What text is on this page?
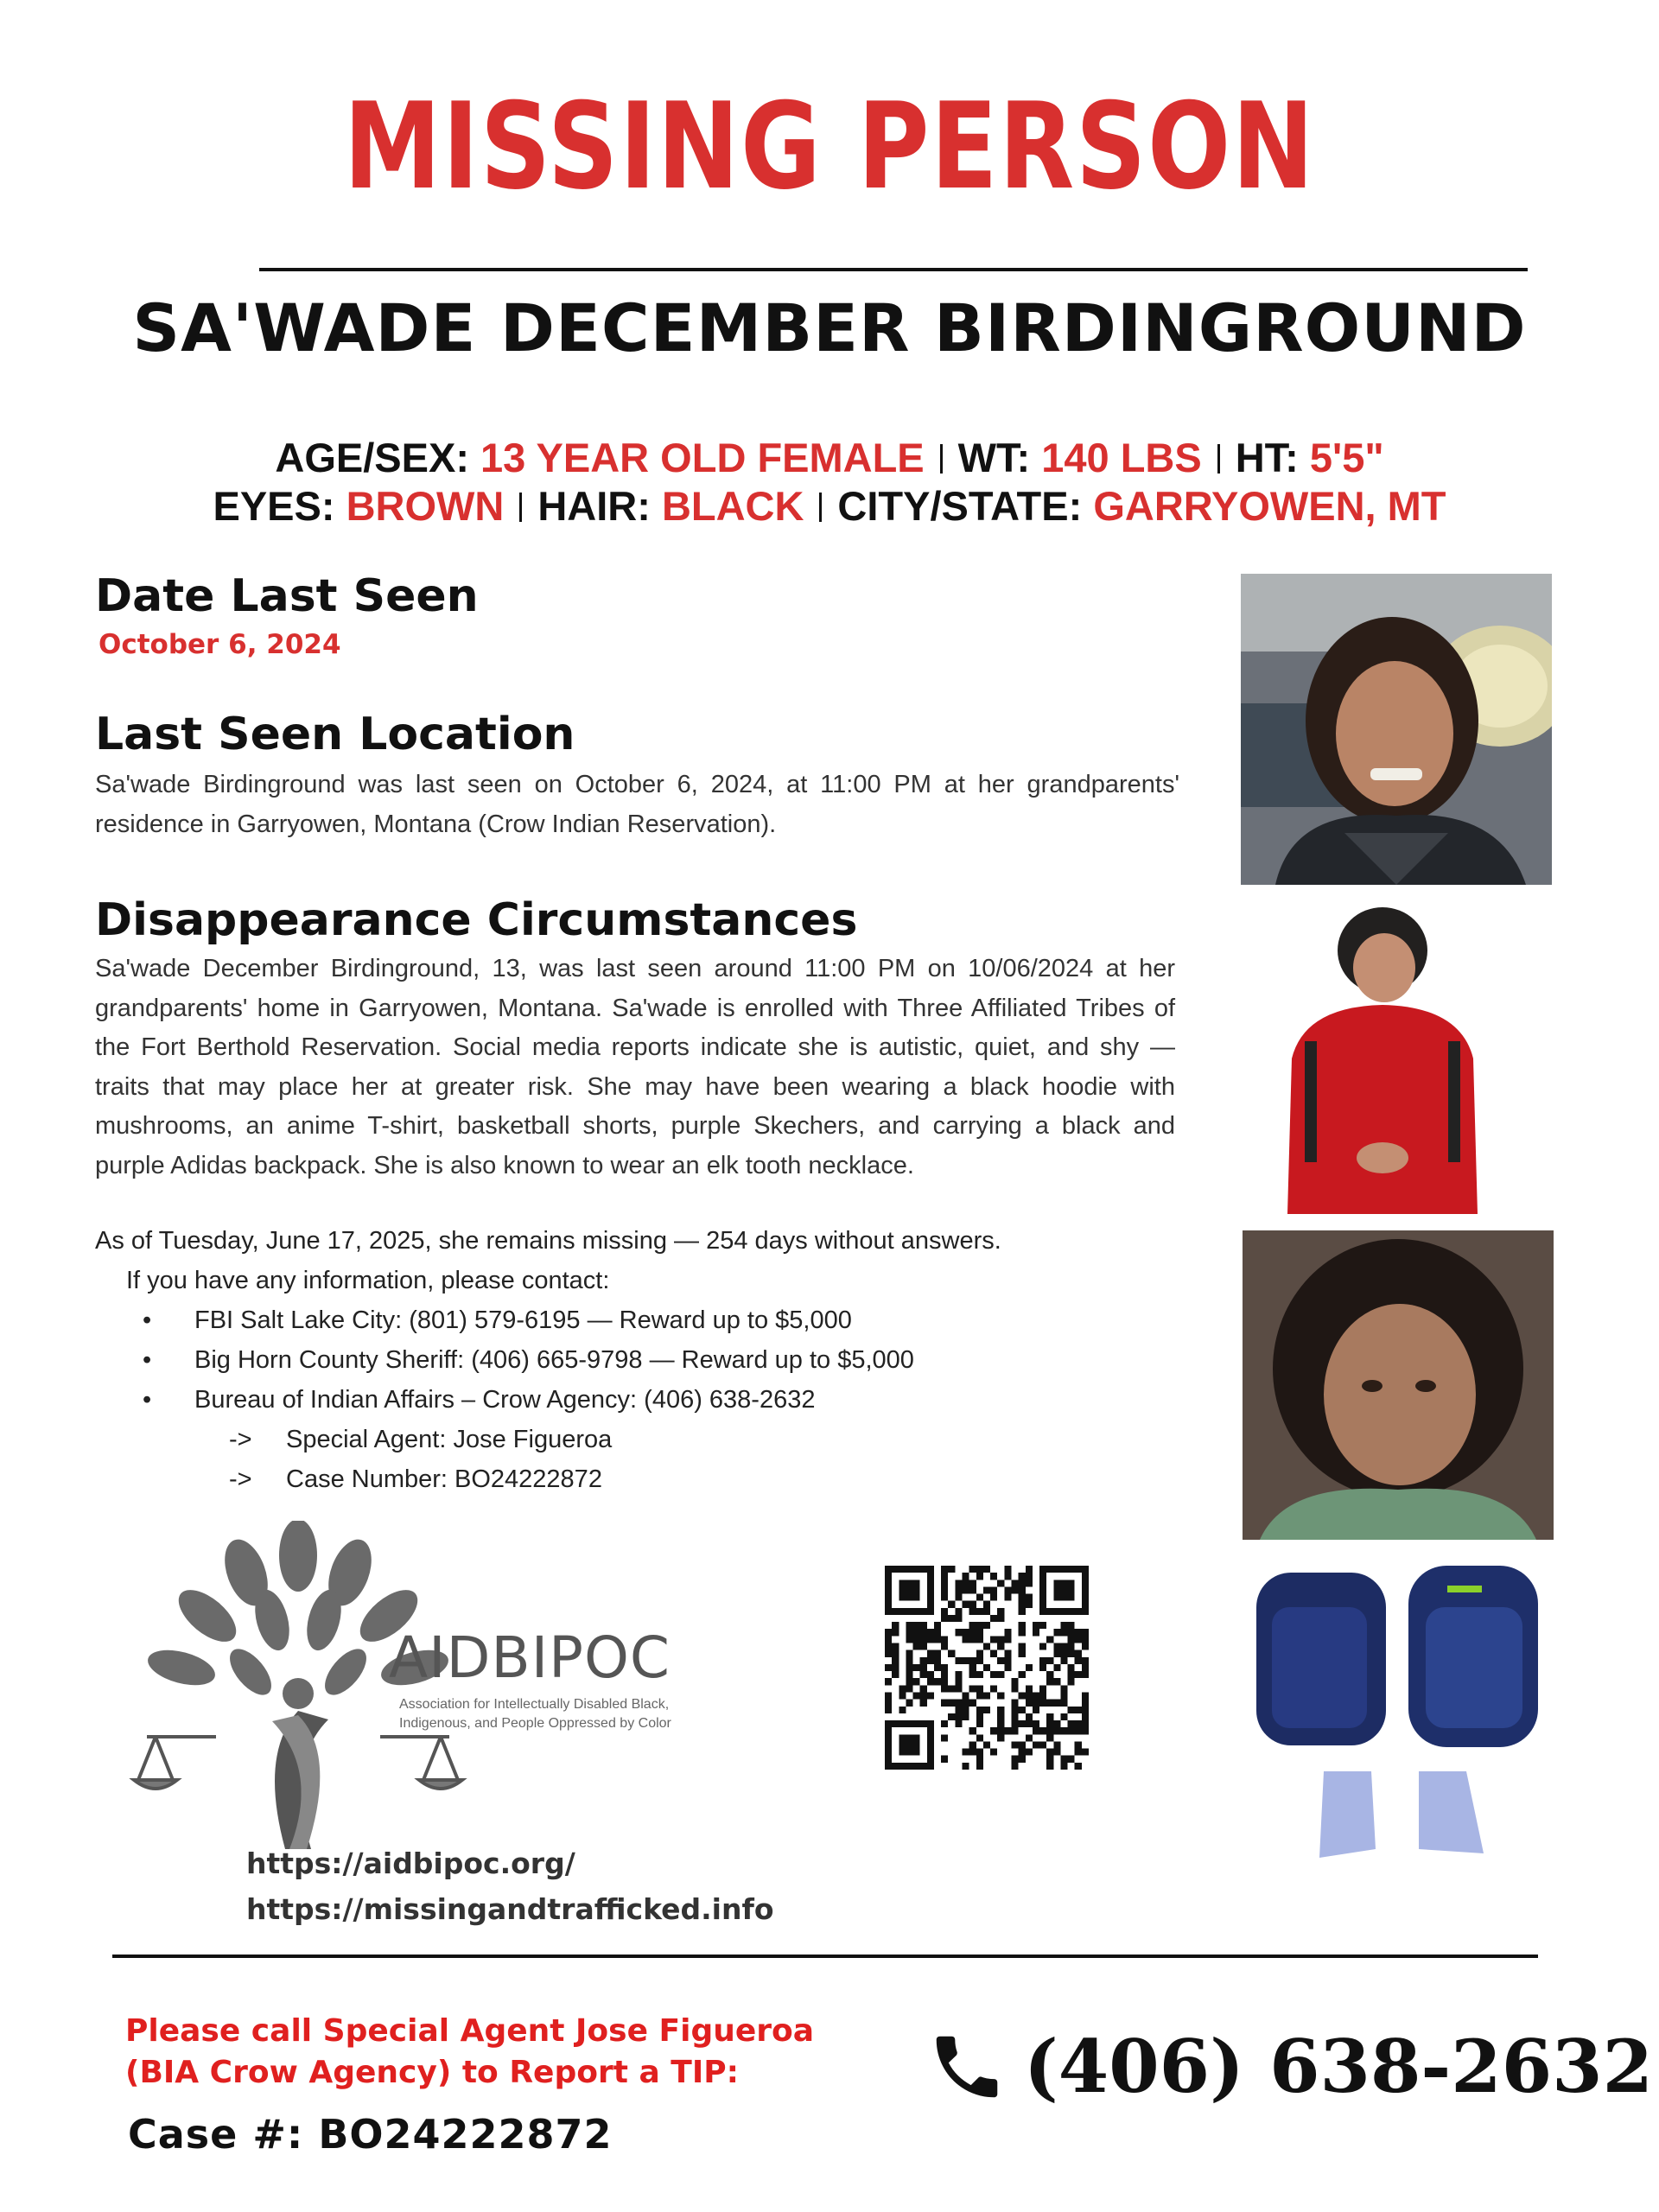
MISSING PERSON
SA'WADE DECEMBER BIRDINGROUND
AGE/SEX: 13 YEAR OLD FEMALE WT: 140 LBS HT: 5'5"
EYES: BROWN HAIR: BLACK CITY/STATE: GARRYOWEN, MT
Date Last Seen
October 6, 2024
Last Seen Location
Sa'wade Birdinground was last seen on October 6, 2024, at 11:00 PM at her grandparents' residence in Garryowen, Montana (Crow Indian Reservation).
Disappearance Circumstances
Sa'wade December Birdinground, 13, was last seen around 11:00 PM on 10/06/2024 at her grandparents' home in Garryowen, Montana. Sa'wade is enrolled with Three Affiliated Tribes of the Fort Berthold Reservation. Social media reports indicate she is autistic, quiet, and shy — traits that may place her at greater risk. She may have been wearing a black hoodie with mushrooms, an anime T-shirt, basketball shorts, purple Skechers, and carrying a black and purple Adidas backpack. She is also known to wear an elk tooth necklace.
As of Tuesday, June 17, 2025, she remains missing — 254 days without answers.
If you have any information, please contact:
• FBI Salt Lake City: (801) 579-6195 — Reward up to $5,000
• Big Horn County Sheriff: (406) 665-9798 — Reward up to $5,000
• Bureau of Indian Affairs – Crow Agency: (406) 638-2632
-> Special Agent: Jose Figueroa
-> Case Number: BO24222872
AIDBIPOC
Association for Intellectually Disabled Black,
Indigenous, and People Oppressed by Color
https://aidbipoc.org/
https://missingandtrafficked.info
Please call Special Agent Jose Figueroa
(BIA Crow Agency) to Report a TIP:
Case #: BO24222872
(406) 638-2632
